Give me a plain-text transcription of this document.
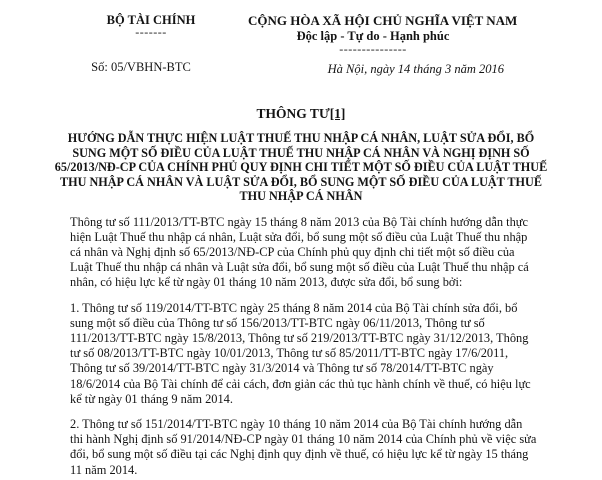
BỘ TÀI CHÍNH
-------
Số: 05/VBHN-BTC
CỘNG HÒA XÃ HỘI CHỦ NGHĨA VIỆT NAM
Độc lập - Tự do - Hạnh phúc
---------------
Hà Nội, ngày 14 tháng 3 năm 2016
THÔNG TƯ[1]
HƯỚNG DẪN THỰC HIỆN LUẬT THUẾ THU NHẬP CÁ NHÂN, LUẬT SỬA ĐỔI, BỔ SUNG MỘT SỐ ĐIỀU CỦA LUẬT THUẾ THU NHẬP CÁ NHÂN VÀ NGHỊ ĐỊNH SỐ 65/2013/NĐ-CP CỦA CHÍNH PHỦ QUY ĐỊNH CHI TIẾT MỘT SỐ ĐIỀU CỦA LUẬT THUẾ THU NHẬP CÁ NHÂN VÀ LUẬT SỬA ĐỔI, BỔ SUNG MỘT SỐ ĐIỀU CỦA LUẬT THUẾ THU NHẬP CÁ NHÂN

Thông tư số 111/2013/TT-BTC ngày 15 tháng 8 năm 2013 của Bộ Tài chính hướng dẫn thực hiện Luật Thuế thu nhập cá nhân, Luật sửa đổi, bổ sung một số điều của Luật Thuế thu nhập cá nhân và Nghị định số 65/2013/NĐ-CP của Chính phủ quy định chi tiết một số điều của Luật Thuế thu nhập cá nhân và Luật sửa đổi, bổ sung một số điều của Luật Thuế thu nhập cá nhân, có hiệu lực kể từ ngày 01 tháng 10 năm 2013, được sửa đổi, bổ sung bởi:

1. Thông tư số 119/2014/TT-BTC ngày 25 tháng 8 năm 2014 của Bộ Tài chính sửa đổi, bổ sung một số điều của Thông tư số 156/2013/TT-BTC ngày 06/11/2013, Thông tư số 111/2013/TT-BTC ngày 15/8/2013, Thông tư số 219/2013/TT-BTC ngày 31/12/2013, Thông tư số 08/2013/TT-BTC ngày 10/01/2013, Thông tư số 85/2011/TT-BTC ngày 17/6/2011, Thông tư số 39/2014/TT-BTC ngày 31/3/2014 và Thông tư số 78/2014/TT-BTC ngày 18/6/2014 của Bộ Tài chính để cải cách, đơn giản các thủ tục hành chính về thuế, có hiệu lực kể từ ngày 01 tháng 9 năm 2014.

2. Thông tư số 151/2014/TT-BTC ngày 10 tháng 10 năm 2014 của Bộ Tài chính hướng dẫn thi hành Nghị định số 91/2014/NĐ-CP ngày 01 tháng 10 năm 2014 của Chính phủ về việc sửa đổi, bổ sung một số điều tại các Nghị định quy định về thuế, có hiệu lực kể từ ngày 15 tháng 11 năm 2014.
